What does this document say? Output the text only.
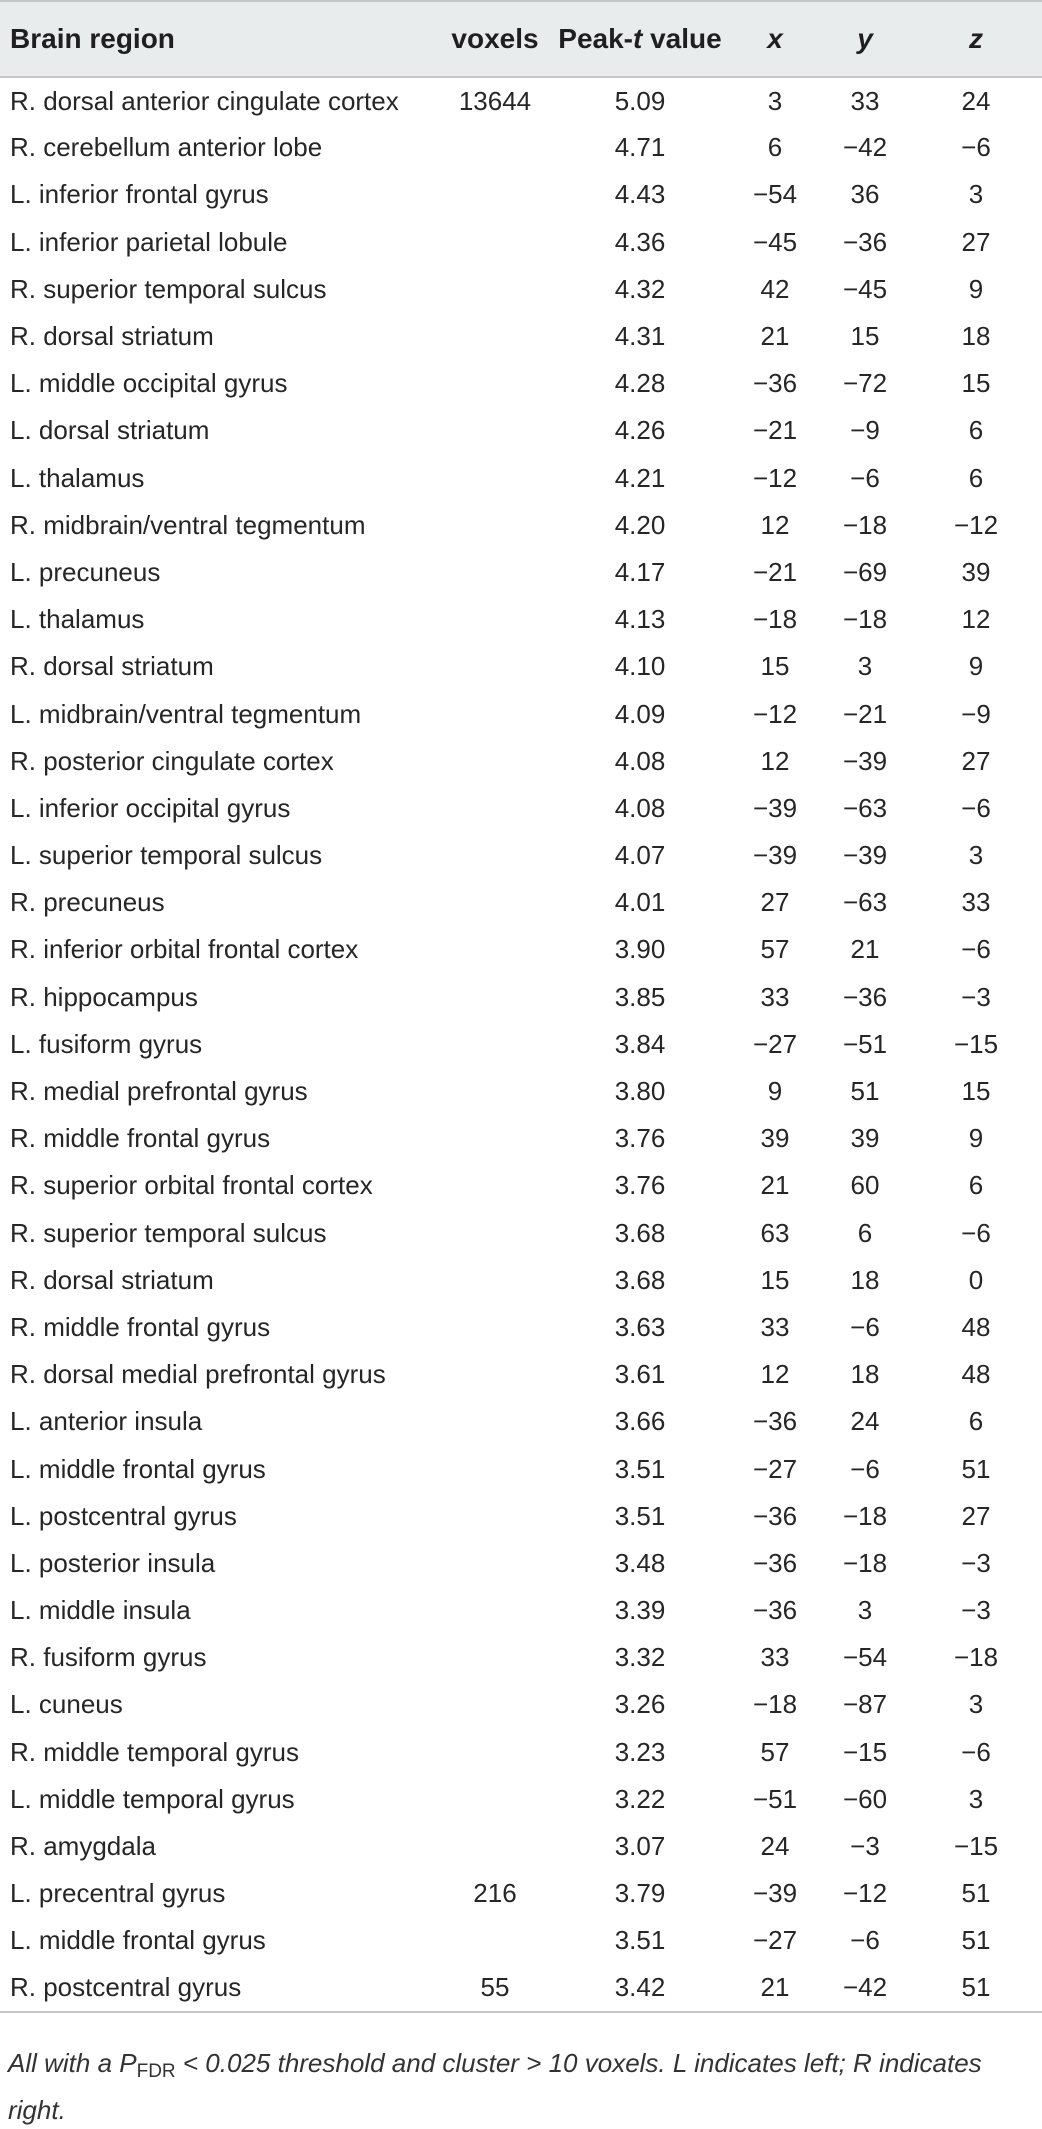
Brain region	voxels	Peak-t value	x	y	z
R. dorsal anterior cingulate cortex	13644	5.09	3	33	24
R. cerebellum anterior lobe		4.71	6	−42	−6
L. inferior frontal gyrus		4.43	−54	36	3
L. inferior parietal lobule		4.36	−45	−36	27
R. superior temporal sulcus		4.32	42	−45	9
R. dorsal striatum		4.31	21	15	18
L. middle occipital gyrus		4.28	−36	−72	15
L. dorsal striatum		4.26	−21	−9	6
L. thalamus		4.21	−12	−6	6
R. midbrain/ventral tegmentum		4.20	12	−18	−12
L. precuneus		4.17	−21	−69	39
L. thalamus		4.13	−18	−18	12
R. dorsal striatum		4.10	15	3	9
L. midbrain/ventral tegmentum		4.09	−12	−21	−9
R. posterior cingulate cortex		4.08	12	−39	27
L. inferior occipital gyrus		4.08	−39	−63	−6
L. superior temporal sulcus		4.07	−39	−39	3
R. precuneus		4.01	27	−63	33
R. inferior orbital frontal cortex		3.90	57	21	−6
R. hippocampus		3.85	33	−36	−3
L. fusiform gyrus		3.84	−27	−51	−15
R. medial prefrontal gyrus		3.80	9	51	15
R. middle frontal gyrus		3.76	39	39	9
R. superior orbital frontal cortex		3.76	21	60	6
R. superior temporal sulcus		3.68	63	6	−6
R. dorsal striatum		3.68	15	18	0
R. middle frontal gyrus		3.63	33	−6	48
R. dorsal medial prefrontal gyrus		3.61	12	18	48
L. anterior insula		3.66	−36	24	6
L. middle frontal gyrus		3.51	−27	−6	51
L. postcentral gyrus		3.51	−36	−18	27
L. posterior insula		3.48	−36	−18	−3
L. middle insula		3.39	−36	3	−3
R. fusiform gyrus		3.32	33	−54	−18
L. cuneus		3.26	−18	−87	3
R. middle temporal gyrus		3.23	57	−15	−6
L. middle temporal gyrus		3.22	−51	−60	3
R. amygdala		3.07	24	−3	−15
L. precentral gyrus	216	3.79	−39	−12	51
L. middle frontal gyrus		3.51	−27	−6	51
R. postcentral gyrus	55	3.42	21	−42	51

All with a $P_{FDR} < 0.025$ threshold and cluster > 10 voxels. L indicates left; R indicates right.
